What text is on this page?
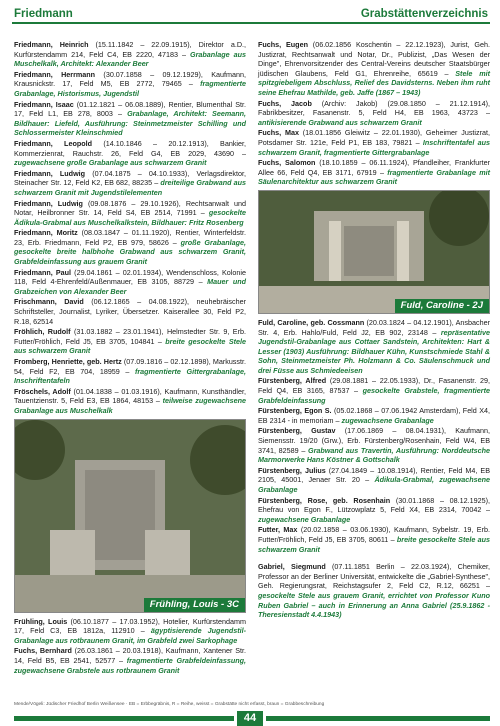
Friedmann	Grabstättenverzeichnis

Friedmann, Heinrich (15.11.1842 – 22.09.1915), Direktor a.D., Kurfürstendamm 214, Feld C4, EB 2220, 47183 – Grabanlage aus Muschelkalk, Architekt: Alexander Beer

Friedmann, Herrmann (30.07.1858 – 09.12.1929), Kaufmann, Krausnickstr. 17, Feld M5, EB 2772, 79465 – fragmentierte Grabanlage, Historismus, Jugendstil

Friedmann, Isaac (01.12.1821 – 06.08.1889), Rentier, Blumenthal Str. 17, Feld L1, EB 278, 8003 – Grabanlage, Architekt: Seemann, Bildhauer: Liefeld, Ausführung: Steinmetzmeister Schilling und Schlossermeister Kleinschmied

Friedmann, Leopold (14.10.1846 – 20.12.1913), Bankier, Kommerzienrat, Rauchstr. 26, Feld G4, EB 2029, 43690 – zugewachsene große Grabanlage aus schwarzem Granit

Friedmann, Ludwig (07.04.1875 – 04.10.1933), Verlagsdirektor, Steinacher Str. 12, Feld K2, EB 682, 88235 – dreiteilige Grabwand aus schwarzem Granit mit Jugendstilelementen

Friedmann, Ludwig (09.08.1876 – 29.10.1926), Rechtsanwalt und Notar, Heilbronner Str. 14, Feld S4, EB 2514, 71991 – gesockelte Ädikula-Grabmal aus Muschelkalkstein, Bildhauer: Fritz Rosenberg

Friedmann, Moritz (08.03.1847 – 01.11.1920), Rentier, Winterfeldstr. 23, Erb. Friedmann, Feld P2, EB 979, 58626 – große Grabanlage, gesockelte breite halbhohe Grabwand aus schwarzem Granit, Grabfeldeinfassung aus grauem Granit

Friedmann, Paul (29.04.1861 – 02.01.1934), Wendenschloss, Kolonie 118, Feld 4-Ehrenfeld/Außenmauer, EB 3105, 88729 – Mauer und Grabzeichen von Alexander Beer

Frischmann, David (06.12.1865 – 04.08.1922), neuhebräischer Schriftsteller, Journalist, Lyriker, Übersetzer. Kaiserallee 30, Feld P2, R.18, 62514

Fröhlich, Rudolf (31.03.1882 – 23.01.1941), Helmstedter Str. 9, Erb. Futter/Fröhlich, Feld J5, EB 3705, 104841 – breite gesockelte Stele aus schwarzem Granit

Fromberg, Henriette, geb. Hertz (07.09.1816 – 02.12.1898), Markusstr. 54, Feld F2, EB 704, 18959 – fragmentierte Gittergrabanlage, Inschriftentafeln

Fröschels, Adolf (01.04.1838 – 01.03.1916), Kaufmann, Kunsthändler, Tauentzienstr. 5, Feld E3, EB 1864, 48153 – teilweise zugewachsene Grabanlage aus Muschelkalk

Frühling, Louis - 3C

Frühling, Louis (06.10.1877 – 17.03.1952), Hotelier, Kurfürstendamm 17, Feld C3, EB 1812a, 112910 – ägyptisierende Jugendstil-Grabanlage aus rotbraunem Granit, im Grabfeld zwei Sarkophage

Fuchs, Bernhard (26.03.1861 – 20.03.1918), Kaufmann, Xantener Str. 14, Feld B5, EB 2541, 52577 – fragmentierte Grabfeldeinfassung, zugewachsene Grabstele aus rotbraunem Granit

Fuchs, Eugen (06.02.1856 Koschentin – 22.12.1923), Jurist, Geh. Justizrat, Rechtsanwalt und Notar, Dr., Publizist, „Das Wesen der Dinge", Ehrenvorsitzender des Central-Vereins deutscher Staatsbürger jüdischen Glaubens, Feld G1, Ehrenreihe, 65619 – Stele mit spitzgiebeligem Abschluss, Relief des Davidsterns. Neben ihm ruht seine Ehefrau Mathilde, geb. Jaffe (1867 – 1943)

Fuchs, Jacob (Archiv: Jakob) (29.08.1850 – 21.12.1914), Fabrikbesitzer, Fasanenstr. 5, Feld H4, EB 1963, 43723 – antikisierende Grabwand aus schwarzem Granit

Fuchs, Max (18.01.1856 Gleiwitz – 22.01.1930), Geheimer Justizrat, Potsdamer Str. 121e, Feld P1, EB 183, 79821 – Inschriftentafel aus schwarzem Granit, fragmentierte Gittergrabanlage

Fuchs, Salomon (18.10.1859 – 06.11.1924), Pfandleiher, Frankfurter Allee 66, Feld Q4, EB 3171, 67919 – fragmentierte Grabanlage mit Säulenarchitektur aus schwarzem Granit

Fuld, Caroline - 2J

Fuld, Caroline, geb. Cossmann (20.03.1824 – 04.12.1901), Ansbacher Str. 4, Erb. Hahlo/Fuld, Feld J2, EB 902, 23148 – repräsentative Jugendstil-Grabanlage aus Cottaer Sandstein, Architekten: Hart & Lesser (1903) Ausführung: Bildhauer Kühn, Kunstschmiede Stahl & Sohn, Steinmetzmeister Ph. Holzmann & Co. Säulenschmuck und drei Füsse aus Schmiedeeisen

Fürstenberg, Alfred (29.08.1881 – 22.05.1933), Dr., Fasanenstr. 29, Feld Q4, EB 3165, 87537 – gesockelte Grabstele, fragmentierte Grabfeldeinfassung

Fürstenberg, Egon S. (05.02.1868 – 07.06.1942 Amsterdam), Feld X4, EB 2314 - in memoriam – zugewachsene Grabanlage

Fürstenberg, Gustav (17.06.1869 – 08.04.1931), Kaufmann, Siemensstr. 19/20 (Grw.), Erb. Fürstenberg/Rosenhain, Feld W4, EB 3741, 82589 – Grabwand aus Travertin, Ausführung: Norddeutsche Marmorwerke Hans Köstner & Gottschalk

Fürstenberg, Julius (27.04.1849 – 10.08.1914), Rentier, Feld M4, EB 2105, 45001, Jenaer Str. 20 – Ädikula-Grabmal, zugewachsene Grabanlage

Fürstenberg, Rose, geb. Rosenhain (30.01.1868 – 08.12.1925), Ehefrau von Egon F., Lützowplatz 5, Feld X4, EB 2314, 70042 – zugewachsene Grabanlage

Futter, Max (20.02.1858 – 03.06.1930), Kaufmann, Sybelstr. 19, Erb. Futter/Fröhlich, Feld J5, EB 3705, 80611 – breite gesockelte Stele aus schwarzem Granit

Gabriel, Siegmund (07.11.1851 Berlin – 22.03.1924), Chemiker, Professor an der Berliner Universität, entwickelte die „Gabriel-Synthese", Geh. Regierungsrat, Reichstagsufer 2, Feld C2, R.12, 66251 – gesockelte Stele aus grauem Granit, errichtet von Professor Kuno Ruben Gabriel – auch in Erinnerung an Anna Gabriel (25.9.1862 - Theresienstadt 4.4.1943)

Mende/Vögeli: Jüdischer Friedhof Berlin Weißensee · EB = Erbbegräbnis, R = Reihe, weisst = Grabstätte nicht erfasst, braun = Grabbeschreibung
44
